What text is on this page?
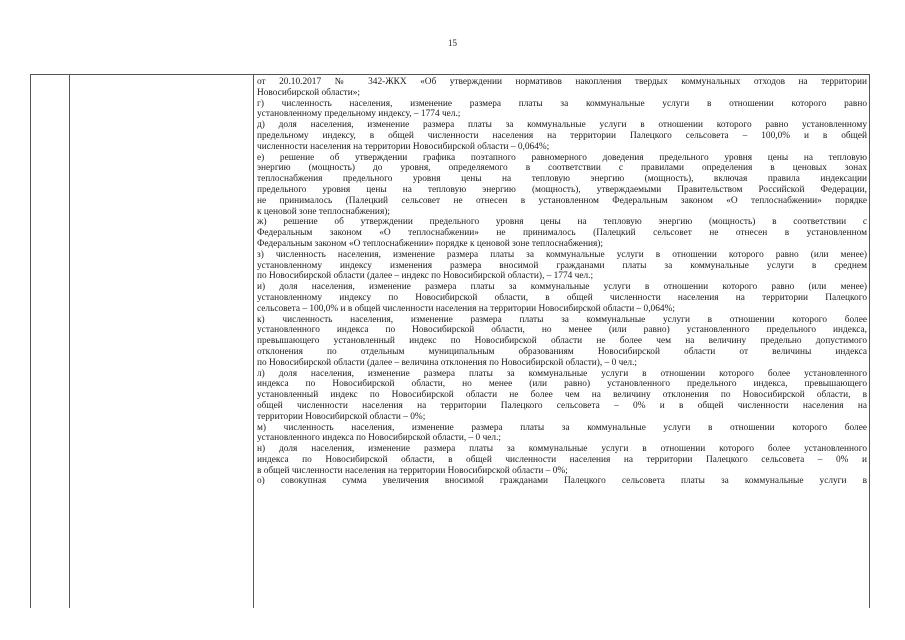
15
от 20.10.2017 № 342-ЖКХ «Об утверждении нормативов накопления твердых коммунальных отходов на территории
Новосибирской области»;
г) численность населения, изменение размера платы за коммунальные услуги в отношении которого равно
установленному предельному индексу, – 1774 чел.;
д) доля населения, изменение размера платы за коммунальные услуги в отношении которого равно установленному
предельному индексу, в общей численности населения на территории Палецкого сельсовета – 100,0% и в общей
численности населения на территории Новосибирской области – 0,064%;
е) решение об утверждении графика поэтапного равномерного доведения предельного уровня цены на тепловую
энергию (мощность) до уровня, определяемого в соответствии с правилами определения в ценовых зонах
теплоснабжения предельного уровня цены на тепловую энергию (мощность), включая правила индексации
предельного уровня цены на тепловую энергию (мощность), утверждаемыми Правительством Российской Федерации,
не принималось (Палецкий сельсовет не отнесен в установленном Федеральным законом «О теплоснабжении» порядке
к ценовой зоне теплоснабжения);
ж) решение об утверждении предельного уровня цены на тепловую энергию (мощность) в соответствии с
Федеральным законом «О теплоснабжении» не принималось (Палецкий сельсовет не отнесен в установленном
Федеральным законом «О теплоснабжении» порядке к ценовой зоне теплоснабжения);
з) численность населения, изменение размера платы за коммунальные услуги в отношении которого равно (или менее)
установленному индексу изменения размера вносимой гражданами платы за коммунальные услуги в среднем
по Новосибирской области (далее – индекс по Новосибирской области), – 1774 чел.;
и) доля населения, изменение размера платы за коммунальные услуги в отношении которого равно (или менее)
установленному индексу по Новосибирской области, в общей численности населения на территории Палецкого
сельсовета – 100,0% и в общей численности населения на территории Новосибирской области – 0,064%;
к) численность населения, изменение размера платы за коммунальные услуги в отношении которого более
установленного индекса по Новосибирской области, но менее (или равно) установленного предельного индекса,
превышающего установленный индекс по Новосибирской области не более чем на величину предельно допустимого
отклонения по отдельным муниципальным образованиям Новосибирской области от величины индекса
по Новосибирской области (далее – величина отклонения по Новосибирской области), – 0 чел.;
л) доля населения, изменение размера платы за коммунальные услуги в отношении которого более установленного
индекса по Новосибирской области, но менее (или равно) установленного предельного индекса, превышающего
установленный индекс по Новосибирской области не более чем на величину отклонения по Новосибирской области, в
общей численности населения на территории Палецкого сельсовета – 0% и в общей численности населения на
территории Новосибирской области – 0%;
м) численность населения, изменение размера платы за коммунальные услуги в отношении которого более
установленного индекса по Новосибирской области, – 0 чел.;
н) доля населения, изменение размера платы за коммунальные услуги в отношении которого более установленного
индекса по Новосибирской области, в общей численности населения на территории Палецкого сельсовета – 0% и
в общей численности населения на территории Новосибирской области – 0%;
о) совокупная сумма увеличения вносимой гражданами Палецкого сельсовета платы за коммунальные услуги в
